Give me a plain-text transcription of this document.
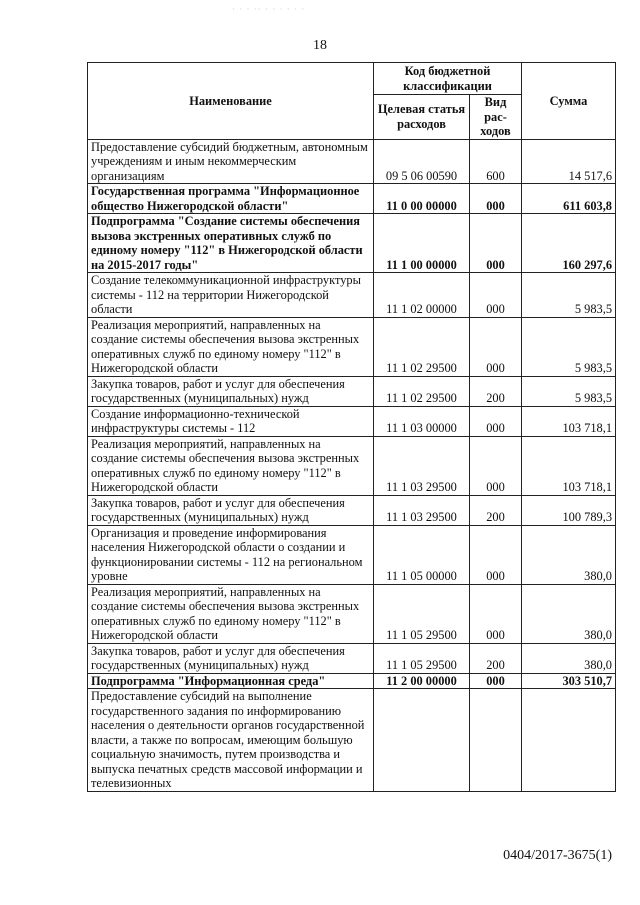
· · · ·· · · · · · ·
18
Наименование	Код бюджетной классификации		Сумма
	Целевая статья расходов	Вид рас-ходов	
Предоставление субсидий бюджетным, автономным учреждениям и иным некоммерческим организациям	09 5 06 00590	600	14 517,6
Государственная программа "Информационное общество Нижегородской области"	11 0 00 00000	000	611 603,8
Подпрограмма "Создание системы обеспечения вызова экстренных оперативных служб по единому номеру "112" в Нижегородской области на 2015-2017 годы"	11 1 00 00000	000	160 297,6
Создание телекоммуникационной инфраструктуры системы - 112 на территории Нижегородской области	11 1 02 00000	000	5 983,5
Реализация мероприятий, направленных на создание системы обеспечения вызова экстренных оперативных служб по единому номеру "112" в Нижегородской области	11 1 02 29500	000	5 983,5
Закупка товаров, работ и услуг для обеспечения государственных (муниципальных) нужд	11 1 02 29500	200	5 983,5
Создание информационно-технической инфраструктуры системы - 112	11 1 03 00000	000	103 718,1
Реализация мероприятий, направленных на создание системы обеспечения вызова экстренных оперативных служб по единому номеру "112" в Нижегородской области	11 1 03 29500	000	103 718,1
Закупка товаров, работ и услуг для обеспечения государственных (муниципальных) нужд	11 1 03 29500	200	100 789,3
Организация и проведение информирования населения Нижегородской области о создании и функционировании системы - 112 на региональном уровне	11 1 05 00000	000	380,0
Реализация мероприятий, направленных на создание системы обеспечения вызова экстренных оперативных служб по единому номеру "112" в Нижегородской области	11 1 05 29500	000	380,0
Закупка товаров, работ и услуг для обеспечения государственных (муниципальных) нужд	11 1 05 29500	200	380,0
Подпрограмма "Информационная среда"	11 2 00 00000	000	303 510,7
Предоставление субсидий на выполнение государственного задания по информированию населения о деятельности органов государственной власти, а также по вопросам, имеющим большую социальную значимость, путем производства и выпуска печатных средств массовой информации и телевизионных			
0404/2017-3675(1)
